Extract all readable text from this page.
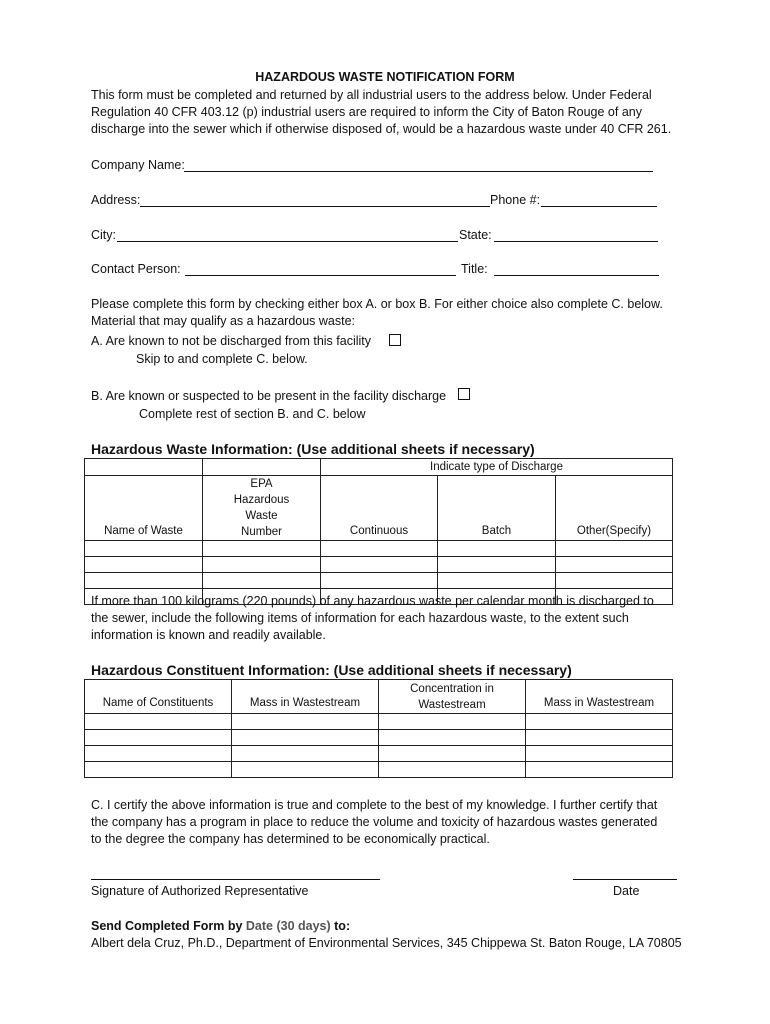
HAZARDOUS WASTE NOTIFICATION FORM
This form must be completed and returned by all industrial users to the address below. Under Federal Regulation 40 CFR 403.12 (p) industrial users are required to inform the City of Baton Rouge of any discharge into the sewer which if otherwise disposed of, would be a hazardous waste under 40 CFR 261.
Company Name:
Address:	Phone #:
City:	State:
Contact Person:	Title:
Please complete this form by checking either box A. or box B. For either choice also complete C. below.
Material that may qualify as a hazardous waste:
A. Are known to not be discharged from this facility
Skip to and complete C. below.
B. Are known or suspected to be present in the facility discharge
Complete rest of section B. and C. below
Hazardous Waste Information: (Use additional sheets if necessary)
		Indicate type of Discharge		
Name of Waste	EPA Hazardous Waste Number	Continuous	Batch	Other(Specify)

If more than 100 kilograms (220 pounds) of any hazardous waste per calendar month is discharged to the sewer, include the following items of information for each hazardous waste, to the extent such information is known and readily available.
Hazardous Constituent Information: (Use additional sheets if necessary)
Name of Constituents	Mass in Wastestream	Concentration in Wastestream	Mass in Wastestream

C. I certify the above information is true and complete to the best of my knowledge. I further certify that the company has a program in place to reduce the volume and toxicity of hazardous wastes generated to the degree the company has determined to be economically practical.
Signature of Authorized Representative	Date
Send Completed Form by Date (30 days) to:
Albert dela Cruz, Ph.D., Department of Environmental Services, 345 Chippewa St. Baton Rouge, LA 70805
